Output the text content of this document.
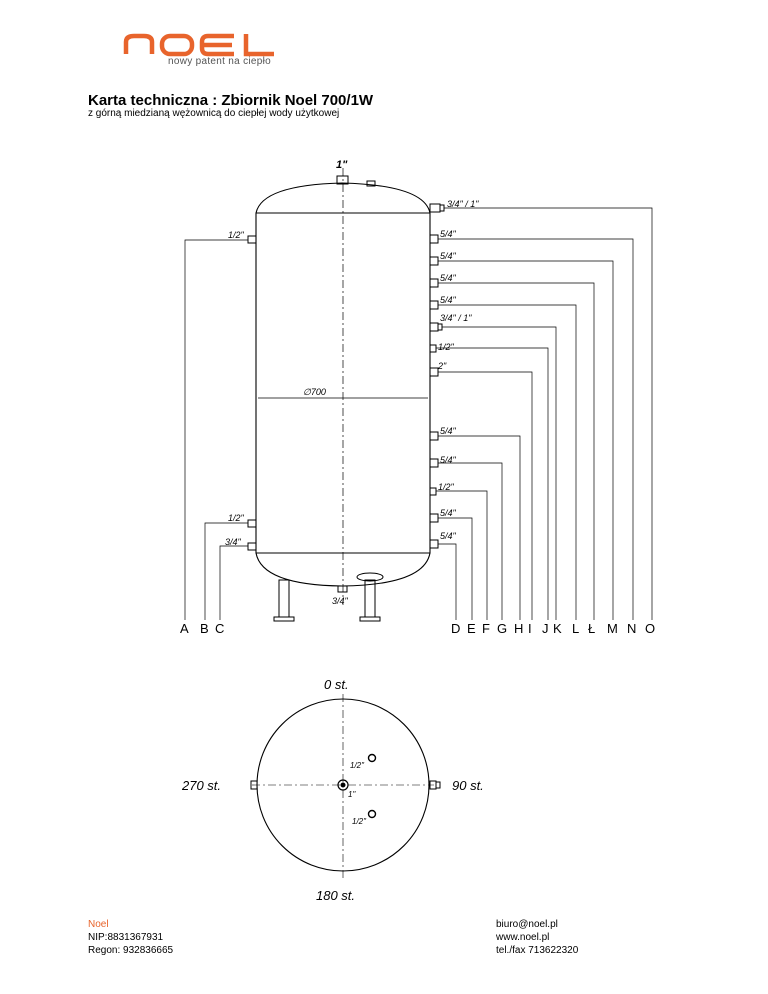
nowy patent na ciepło
Karta techniczna : Zbiornik Noel 700/1W
z górną miedzianą wężownicą do ciepłej wody użytkowej
1"
∅700
3/4"
1/2"
1/2"
3/4"
3/4" / 1"
5/4"
5/4"
5/4"
5/4"
3/4" / 1"
1/2"
2"
5/4"
5/4"
1/2"
5/4"
5/4"
A B C	D E F G H I J K L Ł M N O
0 st.
90 st.
180 st.
270 st.
1"
1/2"
1/2"
Noel
NIP:8831367931
Regon: 932836665
biuro@noel.pl
www.noel.pl
tel./fax 713622320
